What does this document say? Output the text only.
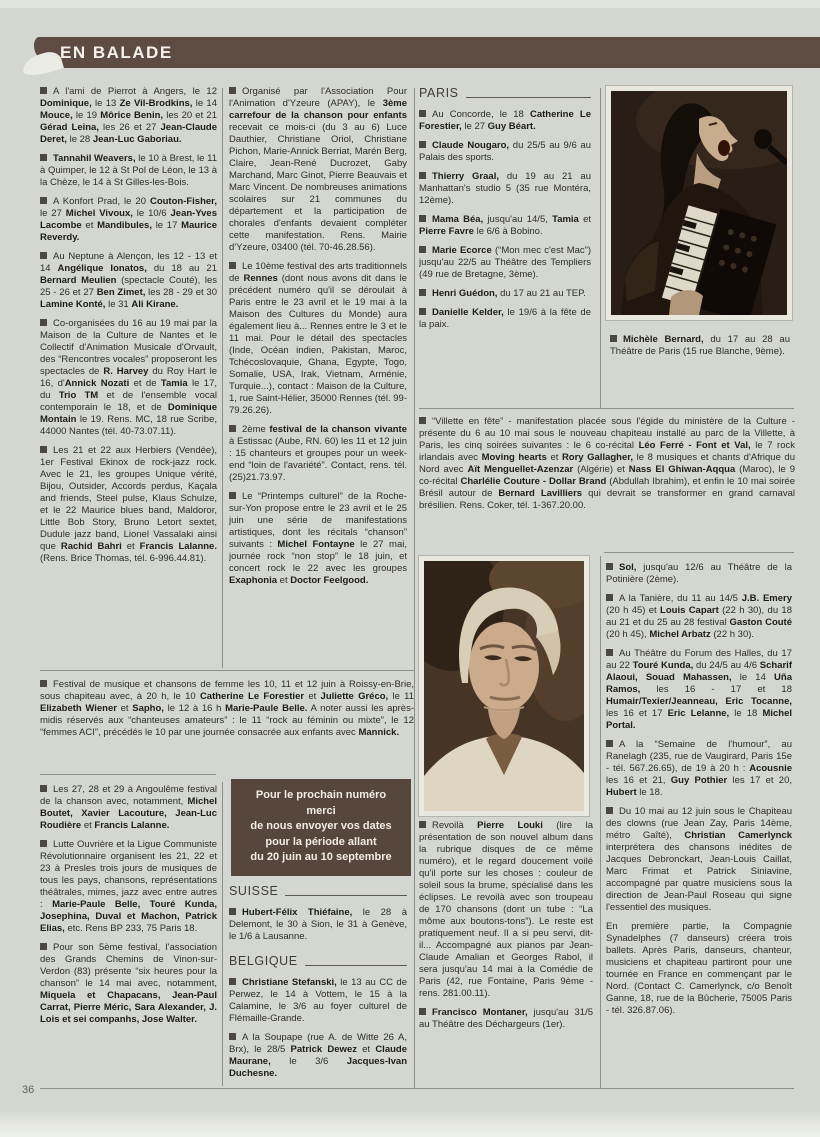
EN BALADE

A l'ami de Pierrot à Angers, le 12 Dominique, le 13 Ze Vil-Brodkins, le 14 Mouce, le 19 Môrice Benin, les 20 et 21 Gérad Leina, les 26 et 27 Jean-Claude Deret, le 28 Jean-Luc Gaboriau.

Tannahil Weavers, le 10 à Brest, le 11 à Quimper, le 12 à St Pol de Léon, le 13 à la Chèze, le 14 à St Gilles-les-Bois.

A Konfort Prad, le 20 Couton-Fisher, le 27 Michel Vivoux, le 10/6 Jean-Yves Lacombe et Mandibules, le 17 Maurice Reverdy.

Au Neptune à Alençon, les 12 - 13 et 14 Angélique Ionatos, du 18 au 21 Bernard Meulien (spectacle Couté), les 25 - 26 et 27 Ben Zimet, les 28 - 29 et 30 Lamine Konté, le 31 Ali Kirane.

Co-organisées du 16 au 19 mai par la Maison de la Culture de Nantes et le Collectif d'Animation Musicale d'Orvault, des “Rencontres vocales” proposeront les spectacles de R. Harvey du Roy Hart le 16, d'Annick Nozati et de Tamia le 17, du Trio TM et de l'ensemble vocal contemporain le 18, et de Dominique Montain le 19. Rens. MC, 18 rue Scribe, 44000 Nantes (tél. 40-73.07.11).

Les 21 et 22 aux Herbiers (Vendée), 1er Festival Ekinox de rock-jazz rock. Avec le 21, les groupes Unique vérité, Bijou, Outsider, Accords perdus, Kaçala and friends, Steel pulse, Klaus Schulze, et le 22 Maurice blues band, Maldoror, Little Bob Story, Bruno Letort sextet, Dudule jazz band, Lionel Vassalaki ainsi que Rachid Bahri et Francis Lalanne. (Rens. Brice Thomas, tél. 6-996.44.81).

Festival de musique et chansons de femme les 10, 11 et 12 juin à Roissy-en-Brie, sous chapiteau avec, à 20 h, le 10 Catherine Le Forestier et Juliette Gréco, le 11 Elizabeth Wiener et Sapho, le 12 à 16 h Marie-Paule Belle. A noter aussi les après-midis réservés aux “chanteuses amateurs” : le 11 “rock au féminin ou mixte”, le 12 “femmes ACI”, précédés le 10 par une journée consacrée aux enfants avec Mannick.

Les 27, 28 et 29 à Angoulême festival de la chanson avec, notamment, Michel Boutet, Xavier Lacouture, Jean-Luc Roudière et Francis Lalanne.

Lutte Ouvrière et la Ligue Communiste Révolutionnaire organisent les 21, 22 et 23 à Presles trois jours de musiques de tous les pays, chansons, représentations théâtrales, mimes, jazz avec entre autres : Marie-Paule Belle, Touré Kunda, Josephina, Duval et Machon, Patrick Elias, etc. Rens BP 233, 75 Paris 18.

Pour son 5ème festival, l'association des Grands Chemins de Vinon-sur-Verdon (83) présente “six heures pour la chanson” le 14 mai avec, notamment, Miquela et Chapacans, Jean-Paul Carrat, Pierre Méric, Sara Alexander, J. Lois et sei companhs, Jose Walter.

Organisé par l'Association Pour l'Animation d'Yzeure (APAY), le 3ème carrefour de la chanson pour enfants recevait ce mois-ci (du 3 au 6) Luce Dauthier, Christiane Oriol, Christiane Pichon, Marie-Annick Berriat, Marén Berg, Claire, Jean-René Ducrozet, Gaby Marchand, Marc Ginot, Pierre Beauvais et Marc Vincent. De nombreuses animations scolaires sur 21 communes du département et la participation de chorales d'enfants devaient compléter cette manifestation. Rens. Mairie d'Yzeure, 03400 (tél. 70-46.28.56).

Le 10ème festival des arts traditionnels de Rennes (dont nous avons dit dans le précédent numéro qu'il se déroulait à Paris entre le 23 avril et le 19 mai à la Maison des Cultures du Monde) aura également lieu à... Rennes entre le 3 et le 11 mai. Pour le détail des spectacles (Inde, Océan indien, Pakistan, Maroc, Tchécoslovaquie, Ghana, Egypte, Togo, Somalie, USA, Irak, Vietnam, Arménie, Turquie...), contact : Maison de la Culture, 1, rue Saint-Hélier, 35000 Rennes (tél. 99-79.26.26).

2ème festival de la chanson vivante à Estissac (Aube, RN. 60) les 11 et 12 juin : 15 chanteurs et groupes pour un week-end “loin de l'avariété”. Contact, rens. tél. (25)21.73.97.

Le “Printemps culturel” de la Roche-sur-Yon propose entre le 23 avril et le 25 juin une série de manifestations artistiques, dont les récitals “chanson” suivants : Michel Fontayne le 27 mai, journée rock “non stop” le 18 juin, et concert rock le 22 avec les groupes Exaphonia et Doctor Feelgood.

Pour le prochain numéro
merci
de nous envoyer vos dates
pour la période allant
du 20 juin au 10 septembre
SUISSE

Hubert-Félix Thiéfaine, le 28 à Delemont, le 30 à Sion, le 31 à Genève, le 1/6 à Lausanne.

BELGIQUE

Christiane Stefanski, le 13 au CC de Perwez, le 14 à Vottem, le 15 à la Calamine, le 3/6 au foyer culturel de Flémaille-Grande.

A la Soupape (rue A. de Witte 26 A, Brx), le 28/5 Patrick Dewez et Claude Maurane, le 3/6 Jacques-Ivan Duchesne.

PARIS

Au Concorde, le 18 Catherine Le Forestier, le 27 Guy Béart.

Claude Nougaro, du 25/5 au 9/6 au Palais des sports.

Thierry Graal, du 19 au 21 au Manhattan's studio 5 (35 rue Montéra, 12ème).

Mama Béa, jusqu'au 14/5, Tamia et Pierre Favre le 6/6 à Bobino.

Marie Ecorce (“Mon mec c'est Mac”) jusqu'au 22/5 au Théâtre des Templiers (49 rue de Bretagne, 3ème).

Henri Guédon, du 17 au 21 au TEP.

Danielle Kelder, le 19/6 à la fête de la paix.

“Villette en fête” - manifestation placée sous l'égide du ministère de la Culture - présente du 6 au 10 mai sous le nouveau chapiteau installé au parc de la Villette, à Paris, les cinq soirées suivantes : le 6 co-récital Léo Ferré - Font et Val, le 7 rock irlandais avec Moving hearts et Rory Gallagher, le 8 musiques et chants d'Afrique du Nord avec Aït Menguellet-Azenzar (Algérie) et Nass El Ghiwan-Aqqua (Maroc), le 9 co-récital Charlélie Couture - Dollar Brand (Abdullah Ibrahim), et enfin le 10 mai soirée Brésil autour de Bernard Lavilliers qui devrait se transformer en grand carnaval brésilien. Rens. Coker, tél. 1-367.20.00.

Revoilà Pierre Louki (lire la présentation de son nouvel album dans la rubrique disques de ce même numéro), et le regard doucement voilé qu'il porte sur les choses : couleur de soleil sous la brume, spécialisé dans les éclipses. Le revoilà avec son troupeau de 170 chansons (dont un tube : “La môme aux boutons-tons”). Le reste est pratiquement neuf. Il a si peu servi, dit-il... Accompagné aux pianos par Jean-Claude Amalian et Georges Rabol, il sera jusqu'au 14 mai à la Comédie de Paris (42, rue Fontaine, Paris 9ème - rens. 281.00.11).

Francisco Montaner, jusqu'au 31/5 au Théâtre des Déchargeurs (1er).

Michèle Bernard, du 17 au 28 au Théâtre de Paris (15 rue Blanche, 9ème).

Sol, jusqu'au 12/6 au Théâtre de la Potinière (2ème).

A la Tanière, du 11 au 14/5 J.B. Emery (20 h 45) et Louis Capart (22 h 30), du 18 au 21 et du 25 au 28 festival Gaston Couté (20 h 45), Michel Arbatz (22 h 30).

Au Théâtre du Forum des Halles, du 17 au 22 Touré Kunda, du 24/5 au 4/6 Scharif Alaoui, Souad Mahassen, le 14 Uña Ramos, les 16 - 17 et 18 Humair/Texier/Jeanneau, Eric Tocanne, les 16 et 17 Eric Lelanne, le 18 Michel Portal.

A la “Semaine de l'humour”, au Ranelagh (235, rue de Vaugirard, Paris 15e - tél. 567.26.65), de 19 à 20 h : Acousnie les 16 et 21, Guy Pothier les 17 et 20, Hubert le 18.

Du 10 mai au 12 juin sous le Chapiteau des clowns (rue Jean Zay, Paris 14ème, métro Gaîté), Christian Camerlynck interprétera des chansons inédites de Jacques Debronckart, Jean-Louis Caillat, Marc Frimat et Patrick Siniavine, accompagné par quatre musiciens sous la direction de Jean-Paul Roseau qui signe l'essentiel des musiques.

En première partie, la Compagnie Synadelphes (7 danseurs) créera trois ballets. Après Paris, danseurs, chanteur, musiciens et chapiteau partiront pour une tournée en France en commençant par le Nord. (Contact C. Camerlynck, c/o Benoît Ganne, 18, rue de la Bûcherie, 75005 Paris - tél. 326.87.06).

36
